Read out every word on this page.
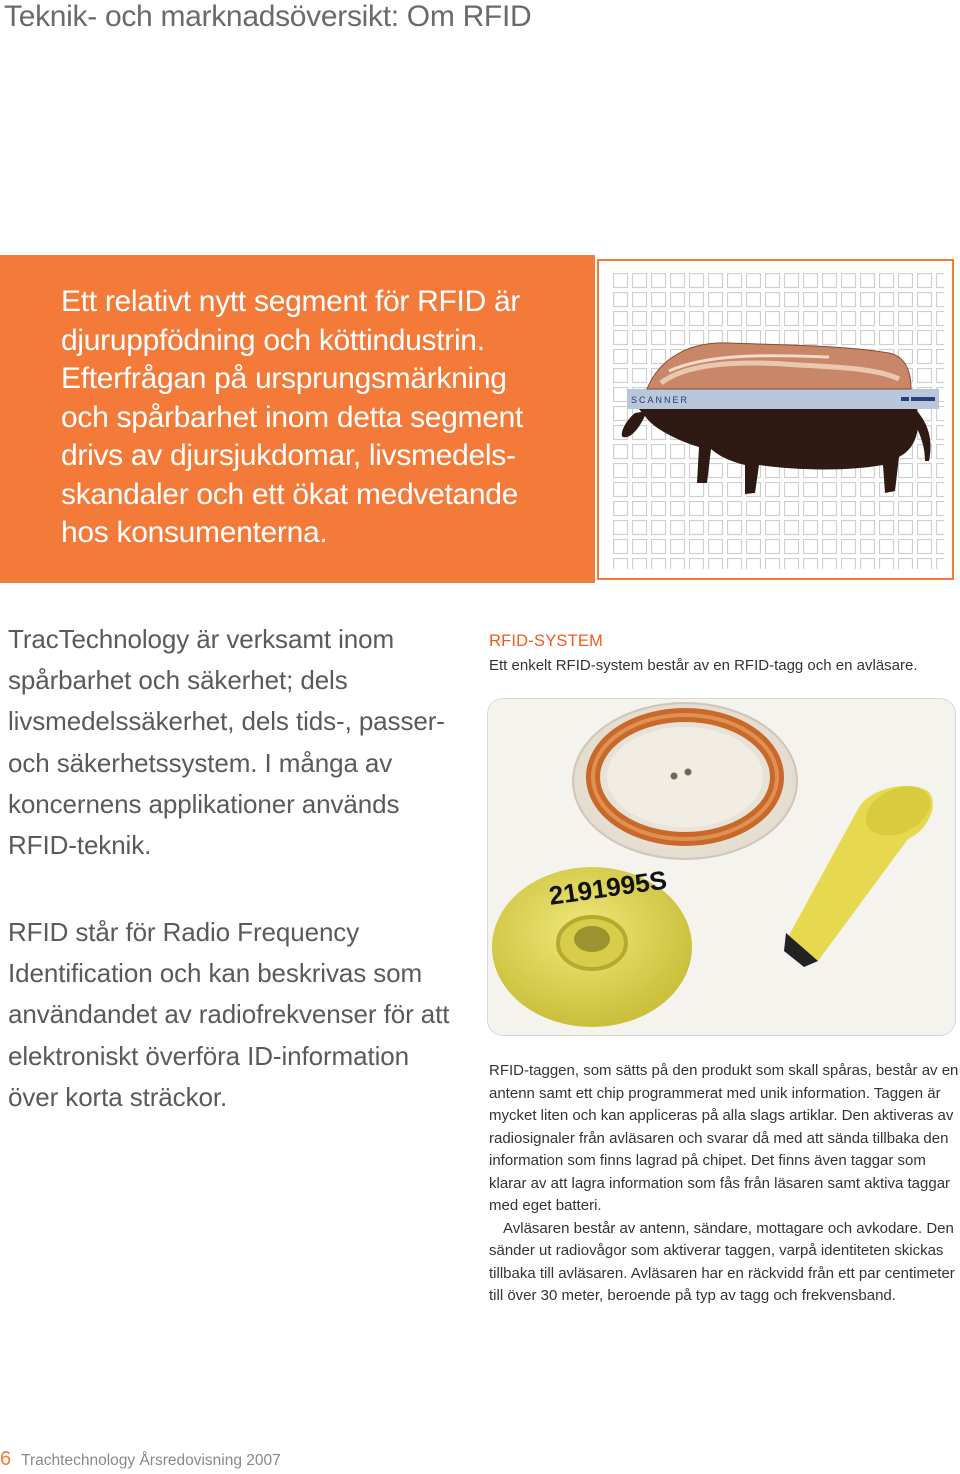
Teknik- och marknadsöversikt: Om RFID
Ett relativt nytt segment för RFID är
djuruppfödning och köttindustrin.
Efterfrågan på ursprungsmärkning
och spårbarhet inom detta segment
drivs av djursjukdomar, livsmedels-
skandaler och ett ökat medvetande
hos konsumenterna.
SCANNER
TracTechnology är verksamt inom
spårbarhet och säkerhet; dels
livsmedelssäkerhet, dels tids-, passer-
och säkerhetssystem. I många av
koncernens applikationer används
RFID-teknik.
RFID står för Radio Frequency
Identification och kan beskrivas som
användandet av radiofrekvenser för att
elektroniskt överföra ID-information
över korta sträckor.
RFID-SYSTEM
Ett enkelt RFID-system består av en RFID-tagg och en avläsare.
2191995S

RFID-taggen, som sätts på den produkt som skall spåras, består av en antenn samt ett chip programmerat med unik information. Taggen är mycket liten och kan appliceras på alla slags artiklar. Den aktiveras av radiosignaler från avläsaren och svarar då med att sända tillbaka den information som finns lagrad på chipet. Det finns även taggar som klarar av att lagra information som fås från läsaren samt aktiva taggar med eget batteri.

Avläsaren består av antenn, sändare, mottagare och avkodare. Den sänder ut radiovågor som aktiverar taggen, varpå identiteten skickas tillbaka till avläsaren. Avläsaren har en räckvidd från ett par centimeter till över 30 meter, beroende på typ av tagg och frekvensband.

6 Trachtechnology Årsredovisning 2007
